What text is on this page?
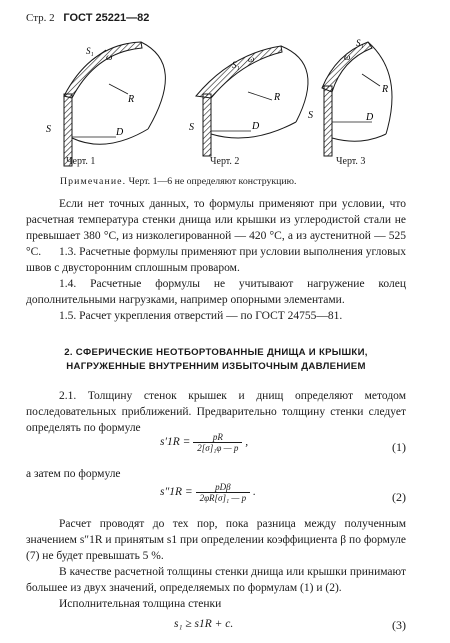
Стр. 2 ГОСТ 25221—82
S	D
R
ω
S₁
S	D
R
ω
S₁
S	D
R
ω
S₁
Черт. 1	Черт. 2	Черт. 3
Примечание. Черт. 1—6 не определяют конструкцию.
Если нет точных данных, то формулы применяют при условии, что расчетная температура стенки днища или крышки из углеродистой стали не превышает 380 °С, из низколегированной — 420 °С, а из аустенитной — 525 °С.	1.3. Расчетные формулы применяют при условии выполнения угловых швов с двусторонним сплошным проваром.
1.4. Расчетные формулы не учитывают нагружение колец дополнительными нагрузками, например опорными элементами.
1.5. Расчет укрепления отверстий — по ГОСТ 24755—81.
2. СФЕРИЧЕСКИЕ НЕОТБОРТОВАННЫЕ ДНИЩА И КРЫШКИ,
НАГРУЖЕННЫЕ ВНУТРЕННИМ ИЗБЫТОЧНЫМ ДАВЛЕНИЕМ
2.1. Толщину стенок крышек и днищ определяют методом последовательных приближений. Предварительно толщину стенки следует определять по формуле
$s'1R = \frac{pR}{\text{2[σ]₁φ — p}}$ ,	(1)
а затем по формуле
$s''1R = \frac{\text{pDβ}}{\text{2φR[σ]₁ — p}}$ .	(2)
Расчет проводят до тех пор, пока разница между полученным значением s″1R и принятым s1 при определении коэффициента β по формуле (7) не будет превышать 5 %.
В качестве расчетной толщины стенки днища или крышки принимают большее из двух значений, определяемых по формулам (1) и (2).
Исполнительная толщина стенки
s₁ ≥ s1R + c.	(3)
